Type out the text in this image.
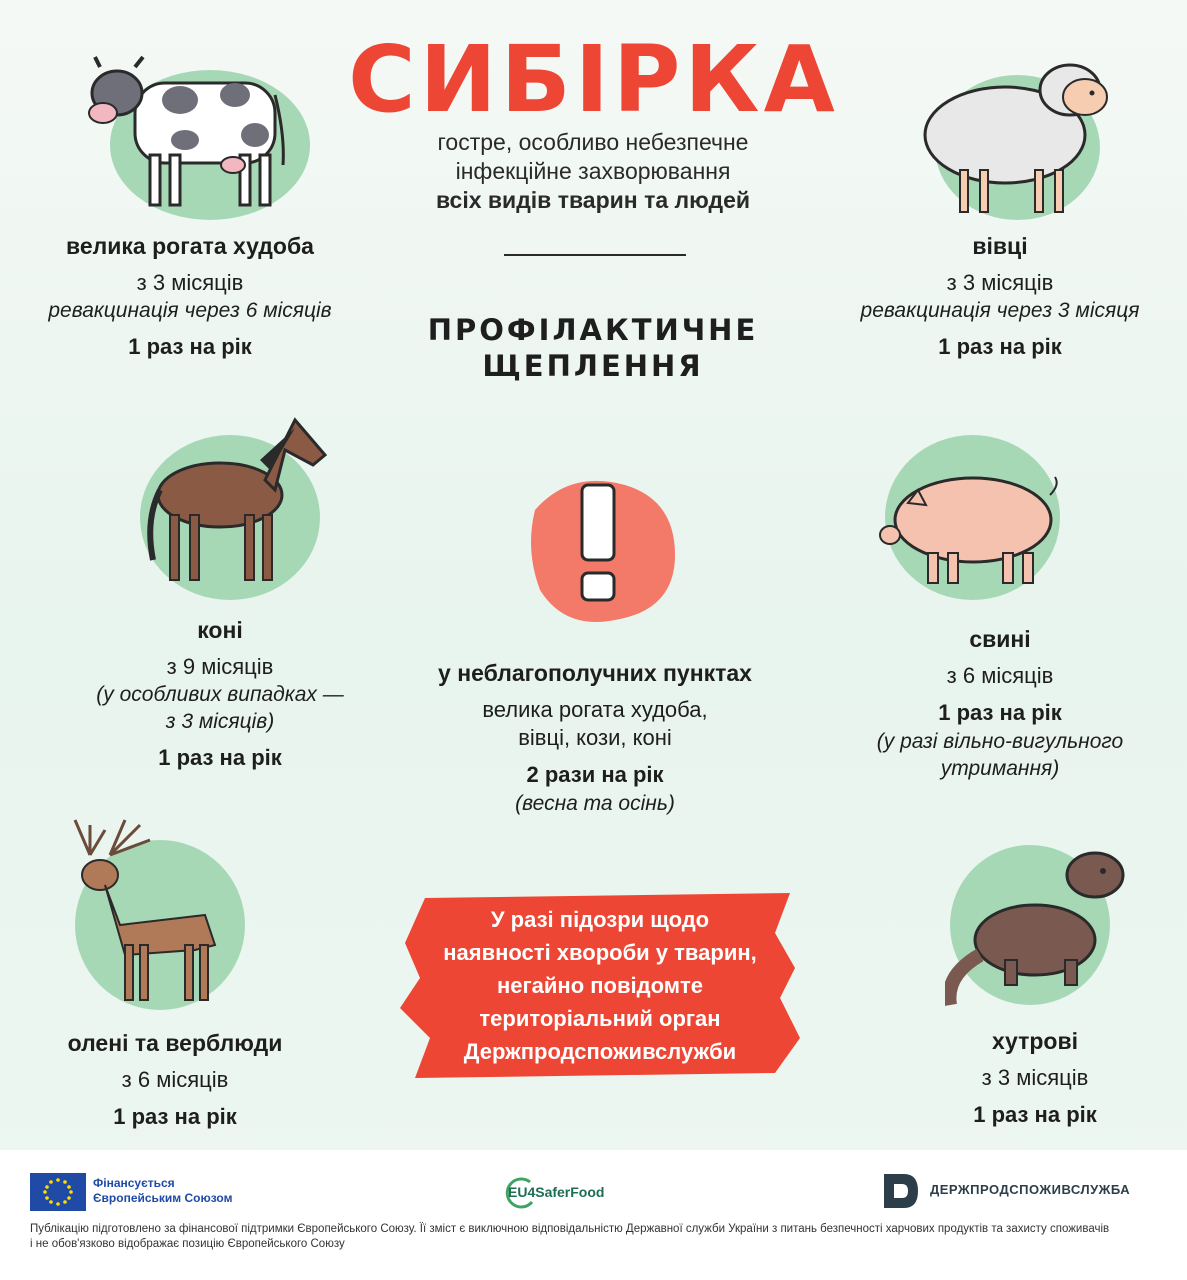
СИБІРКА
гостре, особливо небезпечне
інфекційне захворювання
всіх видів тварин та людей
ПРОФІЛАКТИЧНЕ
ЩЕПЛЕННЯ
велика рогата худоба
з 3 місяців
ревакцинація через 6 місяців
1 раз на рік
вівці
з 3 місяців
ревакцинація через 3 місяця
1 раз на рік
коні
з 9 місяців
(у особливих випадках —
з 3 місяців)
1 раз на рік
у неблагополучних пунктах
велика рогата худоба,
вівці, кози, коні
2 рази на рік
(весна та осінь)
свині
з 6 місяців
1 раз на рік
(у разі вільно-вигульного
утримання)
олені та верблюди
з 6 місяців
1 раз на рік
У разі підозри щодо
наявності хвороби у тварин,
негайно повідомте
територіальний орган
Держпродспоживслужби	хутрові
з 3 місяців
1 раз на рік
Фінансується
Європейським Союзом	EU4SaferFood	ДЕРЖПРОДСПОЖИВСЛУЖБА
Публікацію підготовлено за фінансової підтримки Європейського Союзу. Її зміст є виключною відповідальністю Державної служби України з питань безпечності харчових продуктів та захисту споживачів
і не обов'язково відображає позицію Європейського Союзу
